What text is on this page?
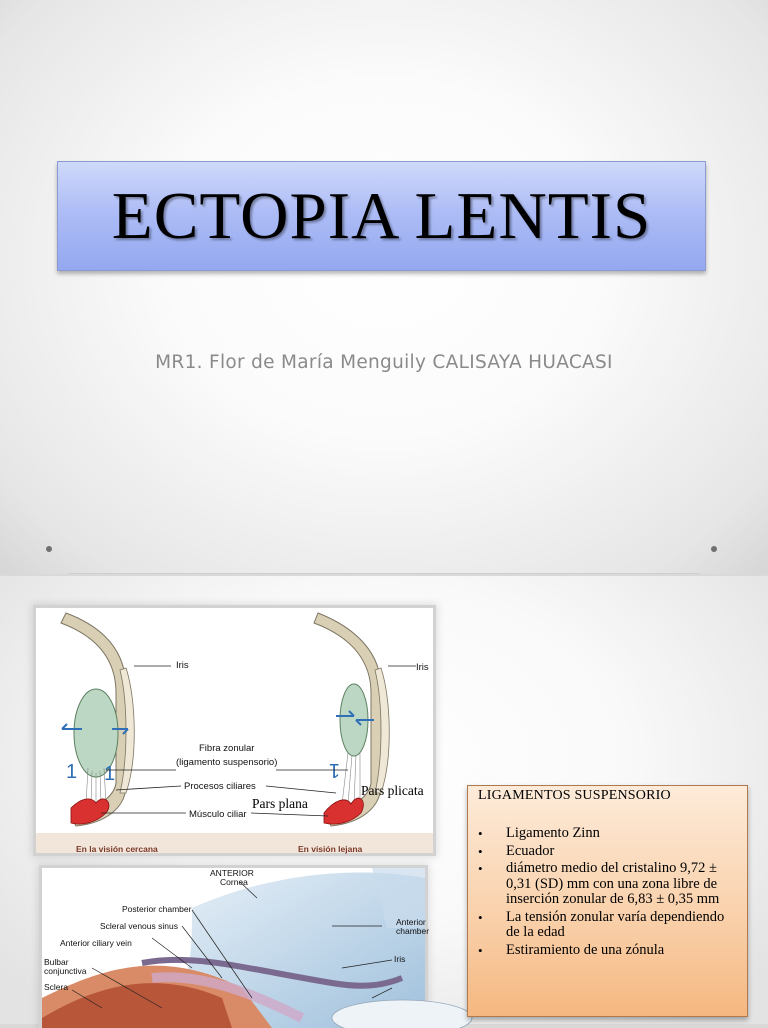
ECTOPIA LENTIS
MR1. Flor de María Menguily CALISAYA HUACASI
1 1	1
Iris	Iris
Fibra zonular
(ligamento suspensorio)
Procesos ciliares
Músculo ciliar
Pars plana
Pars plicata
En la visión cercana	En visión lejana
ANTERIOR
Cornea
Posterior chamber
Scleral venous sinus
Anterior ciliary vein
Bulbar
conjunctiva
Sclera
Anterior
chamber
Iris
LIGAMENTOS SUSPENSORIO
• Ligamento Zinn
• Ecuador
• diámetro medio del cristalino 9,72 ± 0,31 (SD) mm con una zona libre de inserción zonular de 6,83 ± 0,35 mm
• La tensión zonular varía dependiendo de la edad
• Estiramiento de una zónula
